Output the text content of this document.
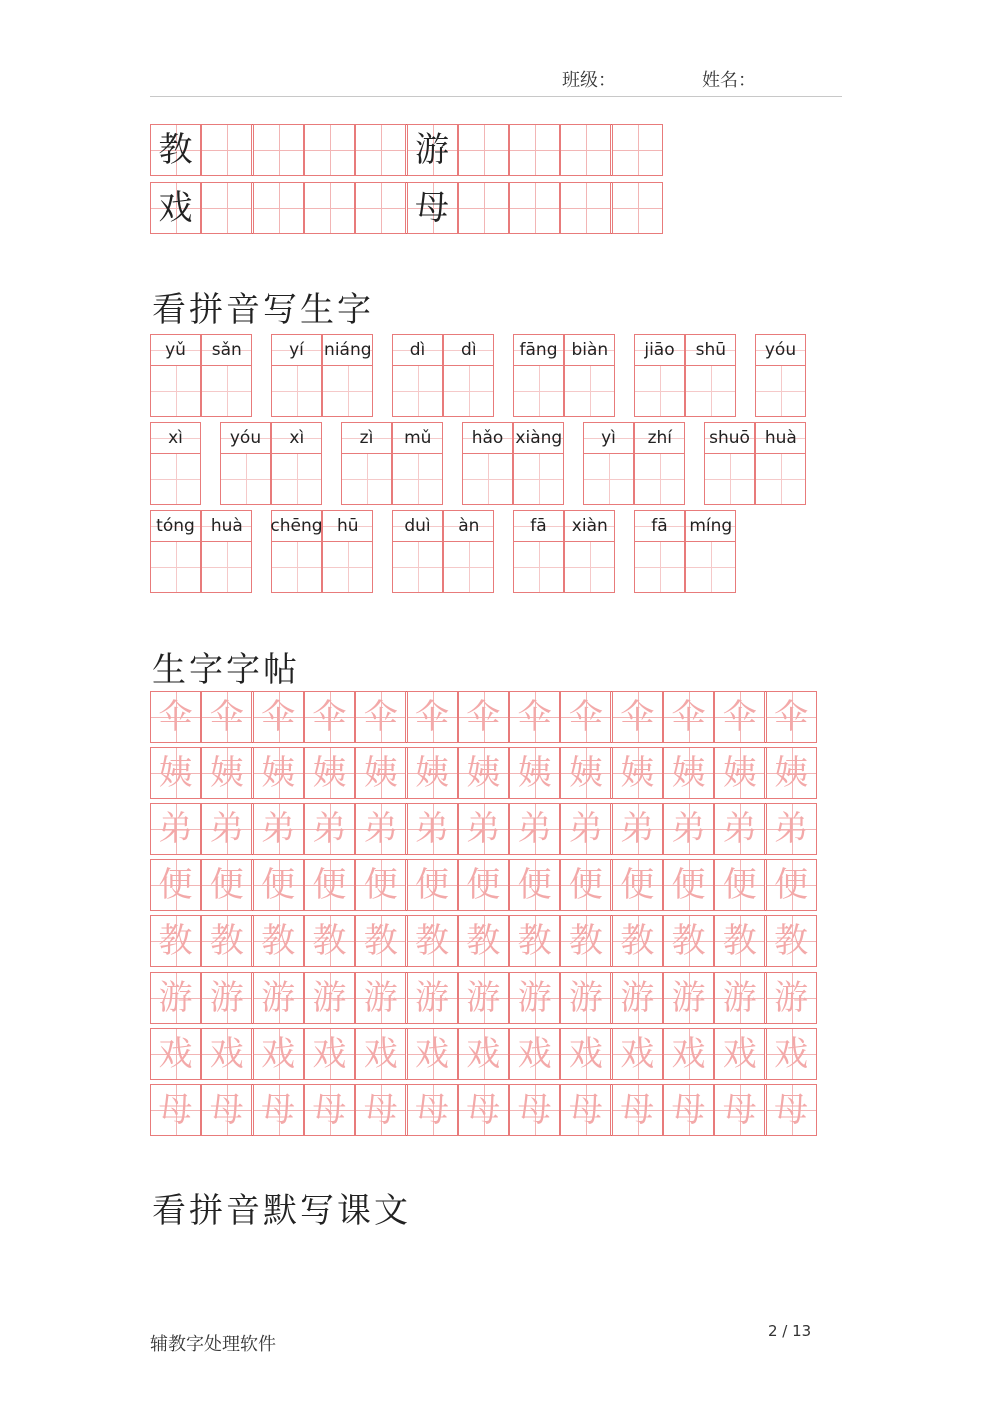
班级：	姓名：
教	游
戏	母
看拼音写生字
yǔ	sǎn	yí	niáng	dì	dì	fāng biàn	jiāo	shū	yóu
xì	yóu	xì	zì	mǔ	hǎo xiàng	yì	zhí	shuō huà
tóng huà	chēng hū	duì	àn	fā	xiàn	fā	míng
生字字帖
伞 伞 伞 伞 伞 伞 伞 伞 伞 伞 伞 伞 伞
姨 姨 姨 姨 姨 姨 姨 姨 姨 姨 姨 姨 姨
弟 弟 弟 弟 弟 弟 弟 弟 弟 弟 弟 弟 弟
便 便 便 便 便 便 便 便 便 便 便 便 便
教 教 教 教 教 教 教 教 教 教 教 教 教
游 游 游 游 游 游 游 游 游 游 游 游 游
戏 戏 戏 戏 戏 戏 戏 戏 戏 戏 戏 戏 戏
母 母 母 母 母 母 母 母 母 母 母 母 母
看拼音默写课文
辅教字处理软件
2 / 13
